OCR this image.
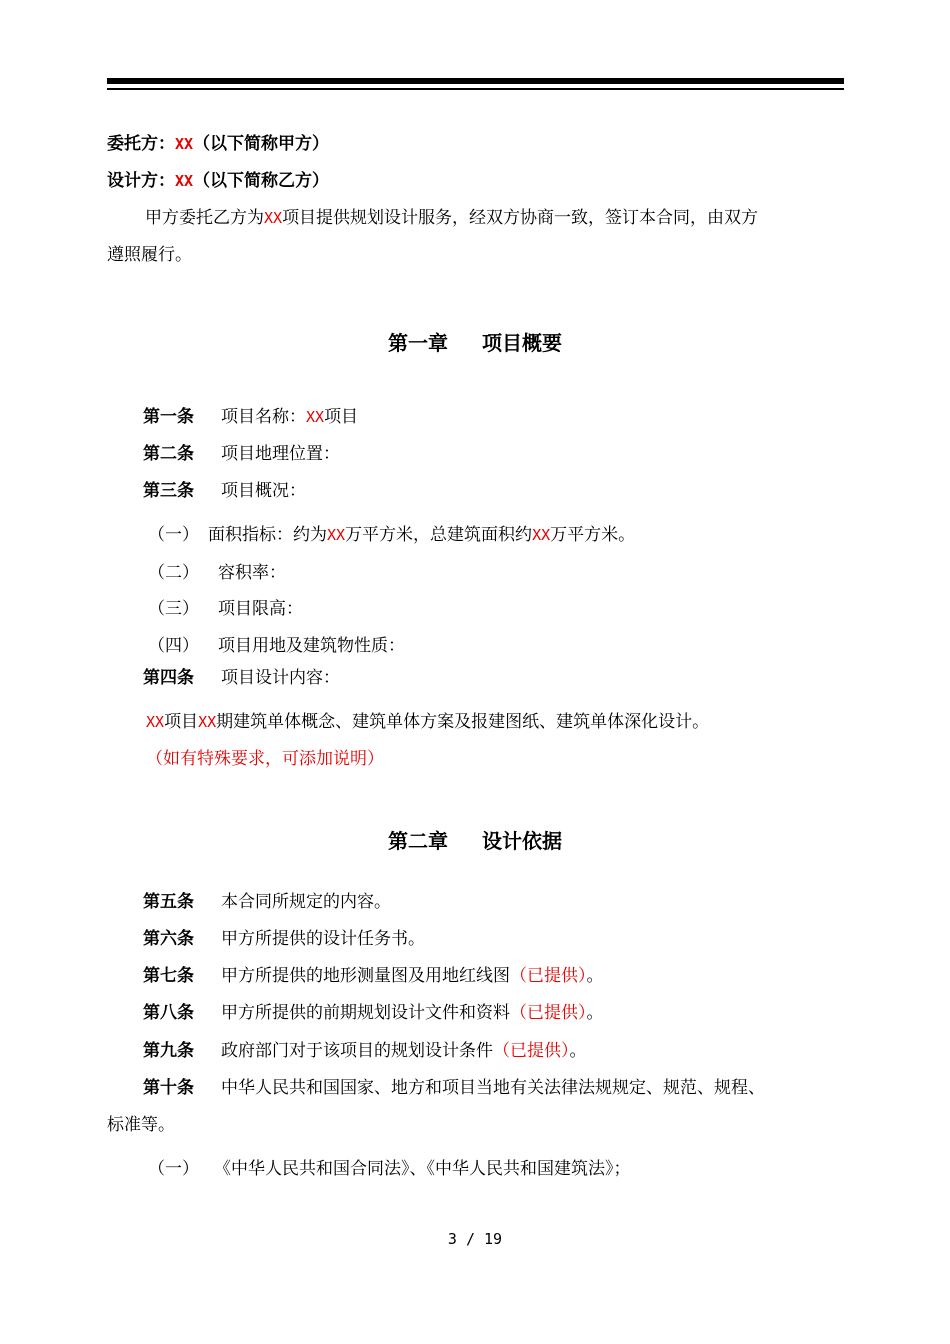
委托方：XX（以下简称甲方）
设计方：XX（以下简称乙方）
甲方委托乙方为XX项目提供规划设计服务，经双方协商一致，签订本合同，由双方
遵照履行。
第一章 项目概要
第一条 项目名称：XX项目
第二条 项目地理位置：
第三条 项目概况：
（一） 面积指标：约为XX万平方米，总建筑面积约XX万平方米。
（二） 容积率：
（三） 项目限高：
（四） 项目用地及建筑物性质：
第四条 项目设计内容：
XX项目XX期建筑单体概念、建筑单体方案及报建图纸、建筑单体深化设计。
（如有特殊要求，可添加说明）
第二章 设计依据
第五条 本合同所规定的内容。
第六条 甲方所提供的设计任务书。
第七条 甲方所提供的地形测量图及用地红线图（已提供）。
第八条 甲方所提供的前期规划设计文件和资料（已提供）。
第九条 政府部门对于该项目的规划设计条件（已提供）。
第十条 中华人民共和国国家、地方和项目当地有关法律法规规定、规范、规程、
标准等。
（一） 《中华人民共和国合同法》、《中华人民共和国建筑法》；
3 / 19
